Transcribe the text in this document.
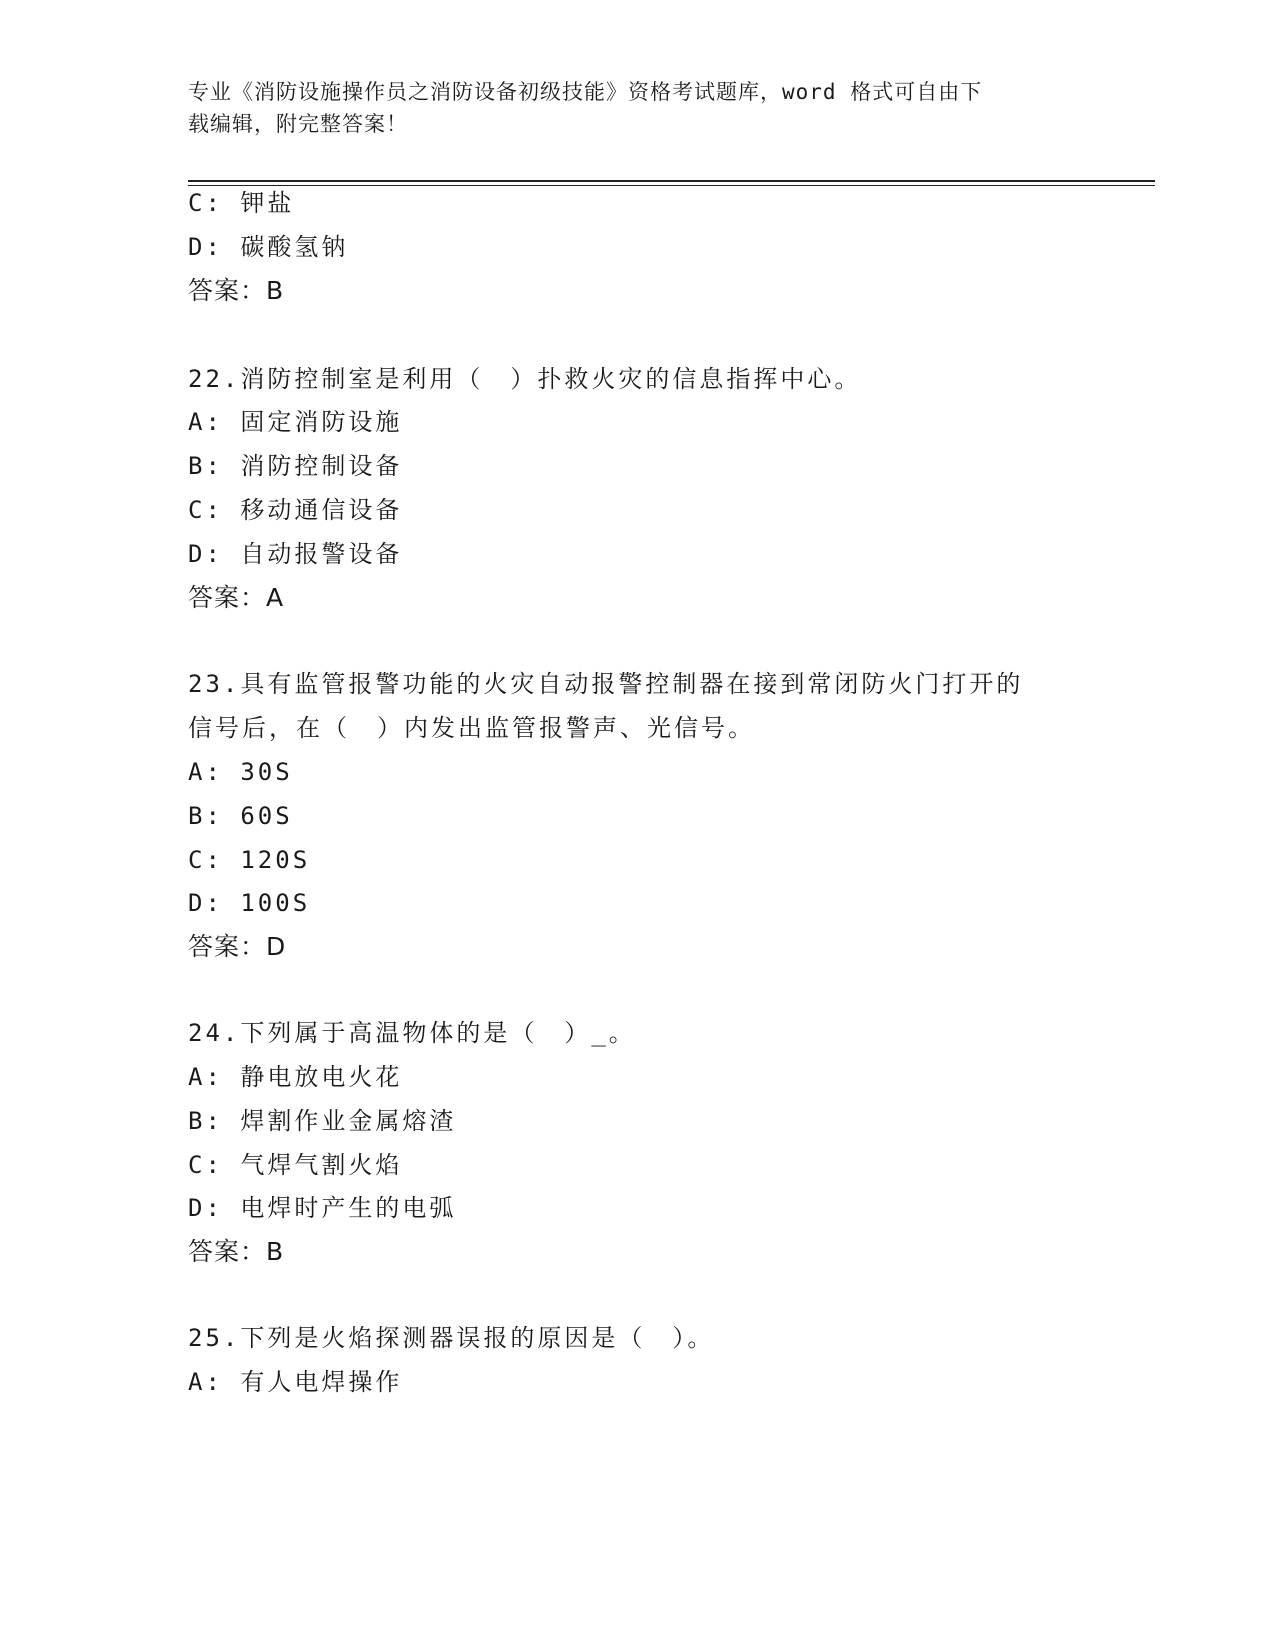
专业《消防设施操作员之消防设备初级技能》资格考试题库，word 格式可自由下
载编辑，附完整答案！
C: 钾盐
D: 碳酸氢钠
答案：B
22.消防控制室是利用（　）扑救火灾的信息指挥中心。
A: 固定消防设施
B: 消防控制设备
C: 移动通信设备
D: 自动报警设备
答案：A
23.具有监管报警功能的火灾自动报警控制器在接到常闭防火门打开的
信号后，在（　）内发出监管报警声、光信号。
A: 30S
B: 60S
C: 120S
D: 100S
答案：D
24.下列属于高温物体的是（　）_。
A: 静电放电火花
B: 焊割作业金属熔渣
C: 气焊气割火焰
D: 电焊时产生的电弧
答案：B
25.下列是火焰探测器误报的原因是（　）。
A: 有人电焊操作
